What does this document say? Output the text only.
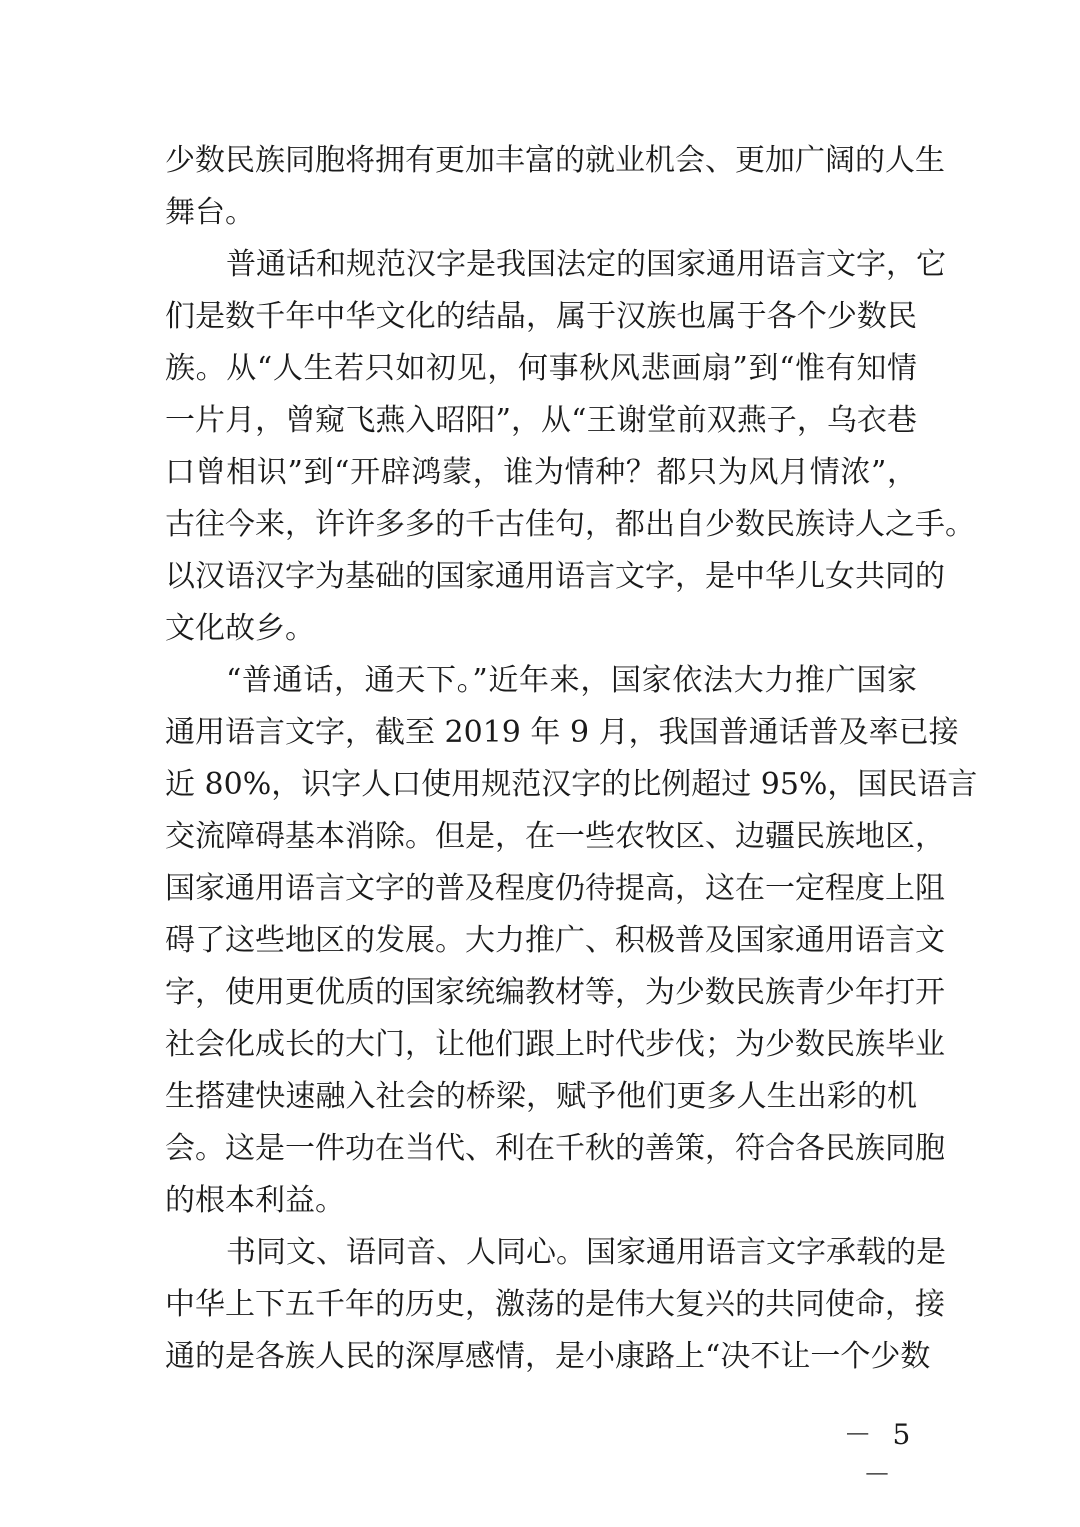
少数民族同胞将拥有更加丰富的就业机会、更加广阔的人生
舞台。
普通话和规范汉字是我国法定的国家通用语言文字，它
们是数千年中华文化的结晶，属于汉族也属于各个少数民
族。从“人生若只如初见，何事秋风悲画扇”到“惟有知情
一片月，曾窥飞燕入昭阳”，从“王谢堂前双燕子，乌衣巷
口曾相识”到“开辟鸿蒙，谁为情种？都只为风月情浓”，
古往今来，许许多多的千古佳句，都出自少数民族诗人之手。
以汉语汉字为基础的国家通用语言文字，是中华儿女共同的
文化故乡。
“普通话，通天下。”近年来，国家依法大力推广国家
通用语言文字，截至 2019 年 9 月，我国普通话普及率已接
近 80%，识字人口使用规范汉字的比例超过 95%，国民语言
交流障碍基本消除。但是，在一些农牧区、边疆民族地区，
国家通用语言文字的普及程度仍待提高，这在一定程度上阻
碍了这些地区的发展。大力推广、积极普及国家通用语言文
字，使用更优质的国家统编教材等，为少数民族青少年打开
社会化成长的大门，让他们跟上时代步伐；为少数民族毕业
生搭建快速融入社会的桥梁，赋予他们更多人生出彩的机
会。这是一件功在当代、利在千秋的善策，符合各民族同胞
的根本利益。
书同文、语同音、人同心。国家通用语言文字承载的是
中华上下五千年的历史，激荡的是伟大复兴的共同使命，接
通的是各族人民的深厚感情，是小康路上“决不让一个少数
－ 5 －
